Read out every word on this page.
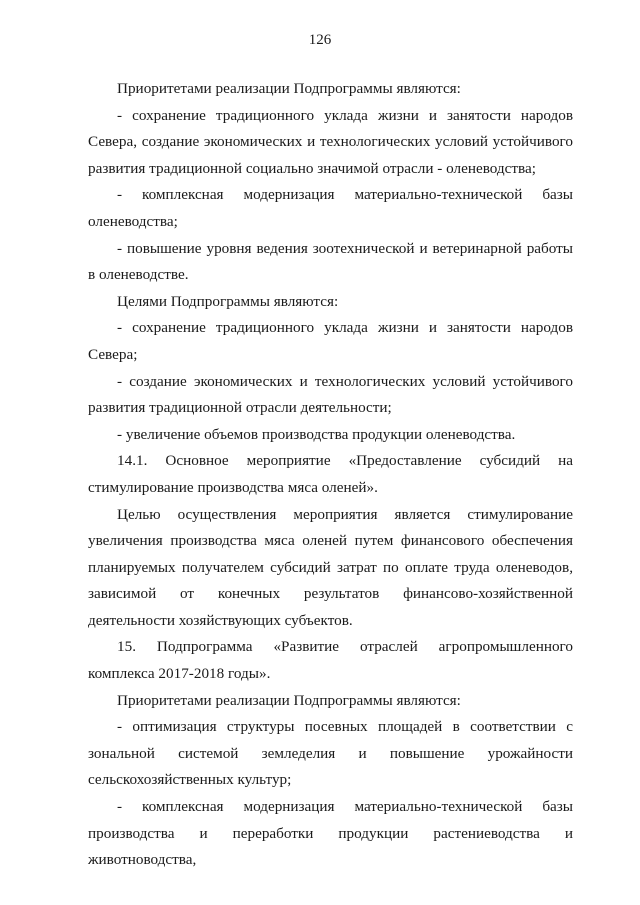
126

Приоритетами реализации Подпрограммы являются:

- сохранение традиционного уклада жизни и занятости народов Севера, создание экономических и технологических условий устойчивого развития традиционной социально значимой отрасли - оленеводства;

- комплексная модернизация материально-технической базы оленеводства;

- повышение уровня ведения зоотехнической и ветеринарной работы в оленеводстве.

Целями Подпрограммы являются:

- сохранение традиционного уклада жизни и занятости народов Севера;

- создание экономических и технологических условий устойчивого развития традиционной отрасли деятельности;

- увеличение объемов производства продукции оленеводства.

14.1. Основное мероприятие «Предоставление субсидий на стимулирование производства мяса оленей».

Целью осуществления мероприятия является стимулирование увеличения производства мяса оленей путем финансового обеспечения планируемых получателем субсидий затрат по оплате труда оленеводов, зависимой от конечных результатов финансово-хозяйственной деятельности хозяйствующих субъектов.

15. Подпрограмма «Развитие отраслей агропромышленного комплекса 2017-2018 годы».

Приоритетами реализации Подпрограммы являются:

- оптимизация структуры посевных площадей в соответствии с зональной системой земледелия и повышение урожайности сельскохозяйственных культур;

- комплексная модернизация материально-технической базы производства и переработки продукции растениеводства и животноводства,
